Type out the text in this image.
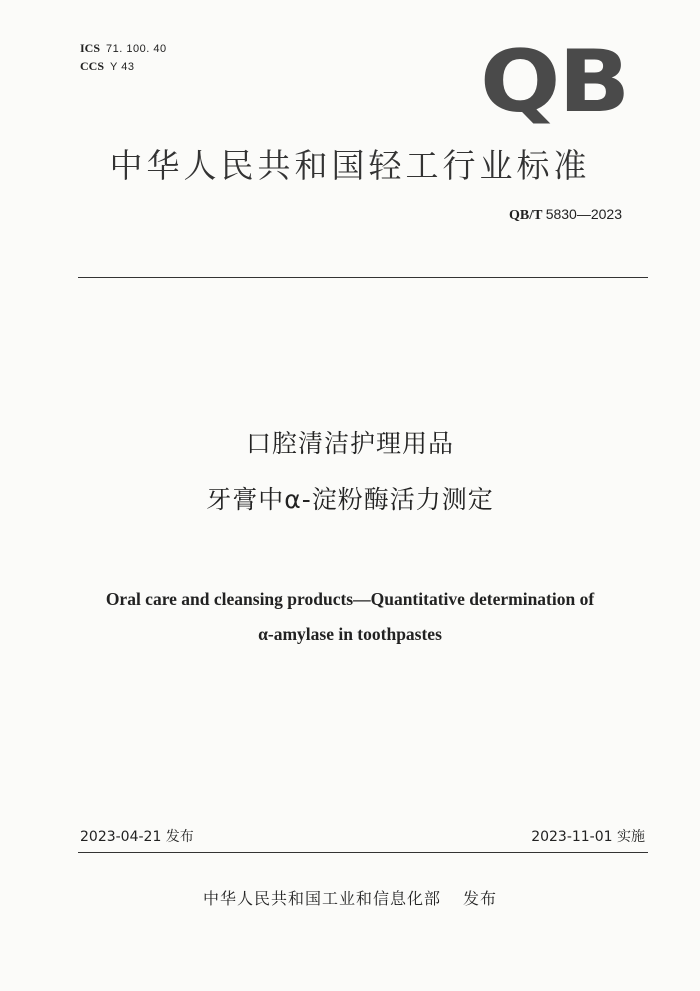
ICS 71. 100. 40
CCS Y 43	QB
中华人民共和国轻工行业标准
QB/T 5830—2023
口腔清洁护理用品
牙膏中α-淀粉酶活力测定
Oral care and cleansing products—Quantitative determination of
α-amylase in toothpastes
2023-04-21 发布	2023-11-01 实施
中华人民共和国工业和信息化部 发布
